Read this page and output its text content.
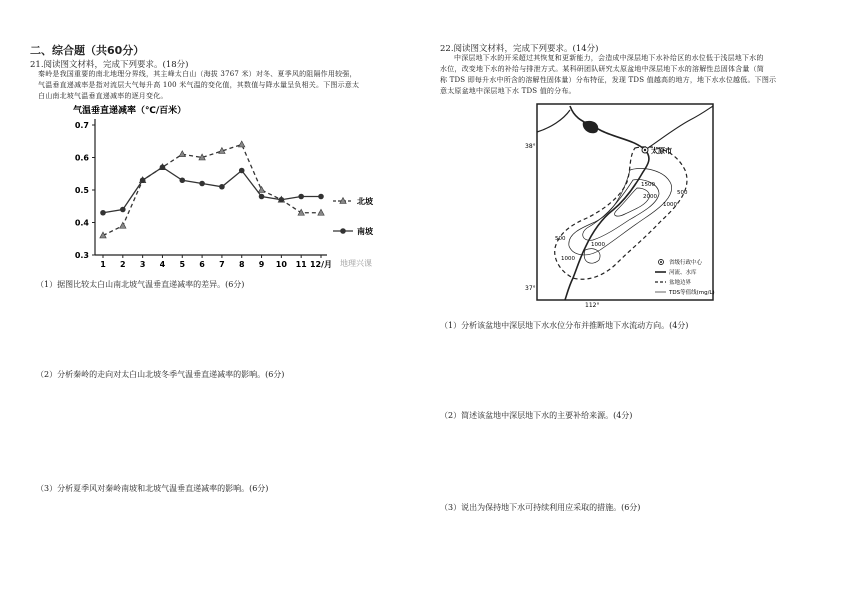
二、综合题（共60分）
21.阅读图文材料，完成下列要求。(18分)
秦岭是我国重要的南北地理分界线，其主峰太白山（海拔 3767 米）对冬、夏季风的阻隔作用较强，
气温垂直递减率是指对流层大气每升高 100 米气温的变化值，其数值与降水量呈负相关。下图示意太
白山南北坡气温垂直递减率的逐月变化。
气温垂直递减率（℃/百米）
0.3
0.4
0.5
0.6
0.7
1 2 3 4 5 6 7 8 9 10 11 12/月
北坡
南坡
地理兴课
（1）据图比较太白山南北坡气温垂直递减率的差异。(6分)
（2）分析秦岭的走向对太白山北坡冬季气温垂直递减率的影响。(6分)
（3）分析夏季风对秦岭南坡和北坡气温垂直递减率的影响。(6分)
22.阅读图文材料，完成下列要求。(14分)
中深层地下水的开采超过其恢复和更新能力，会造成中深层地下水补给区的水位低于浅层地下水的
水位，改变地下水的补给与排泄方式。某科研团队研究太原盆地中深层地下水的溶解性总固体含量（简
称 TDS 即每升水中所含的溶解性固体量）分布特征，发现 TDS 值越高的地方，地下水水位越低。下图示
意太原盆地中深层地下水 TDS 值的分布。
1500
2000
1000
500
1000
500
1000
太原市
38°
37°
112°
省级行政中心
河流、水库
盆地边界
TDS等值线(mg/L)
（1）分析该盆地中深层地下水水位分布并推断地下水流动方向。(4分)
（2）简述该盆地中深层地下水的主要补给来源。(4分)
（3）说出为保持地下水可持续利用应采取的措施。(6分)
